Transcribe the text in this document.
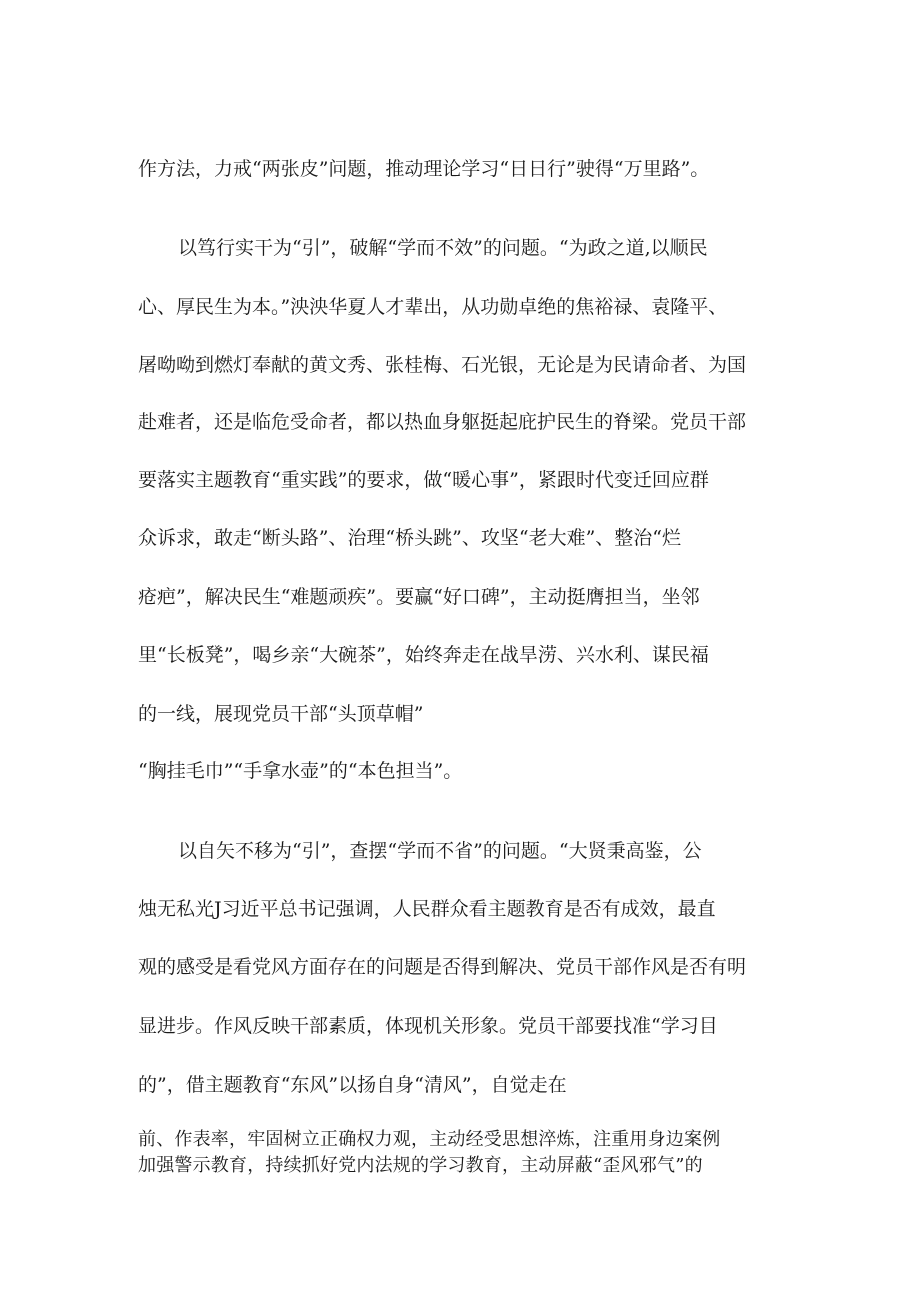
作方法，力戒“两张皮”问题，推动理论学习“日日行”驶得“万里路”。
以笃行实干为“引”，破解“学而不效”的问题。“为政之道,以顺民
心、厚民生为本。”泱泱华夏人才辈出，从功勋卓绝的焦裕禄、袁隆平、
屠呦呦到燃灯奉献的黄文秀、张桂梅、石光银，无论是为民请命者、为国
赴难者，还是临危受命者，都以热血身躯挺起庇护民生的脊梁。党员干部
要落实主题教育“重实践”的要求，做“暖心事”，紧跟时代变迁回应群
众诉求，敢走“断头路”、治理“桥头跳”、攻坚“老大难”、整治“烂
疮疤”，解决民生“难题顽疾”。要赢“好口碑”，主动挺膺担当，坐邻
里“长板凳”，喝乡亲“大碗茶”，始终奔走在战旱涝、兴水利、谋民福
的一线，展现党员干部“头顶草帽”
“胸挂毛巾”“手拿水壶”的“本色担当”。
以自矢不移为“引”，查摆“学而不省”的问题。“大贤秉高鉴，公
烛无私光J习近平总书记强调，人民群众看主题教育是否有成效，最直
观的感受是看党风方面存在的问题是否得到解决、党员干部作风是否有明
显进步。作风反映干部素质，体现机关形象。党员干部要找准“学习目
的”，借主题教育“东风”以扬自身“清风”，自觉走在
前、作表率，牢固树立正确权力观，主动经受思想淬炼，注重用身边案例
加强警示教育，持续抓好党内法规的学习教育，主动屏蔽“歪风邪气”的
